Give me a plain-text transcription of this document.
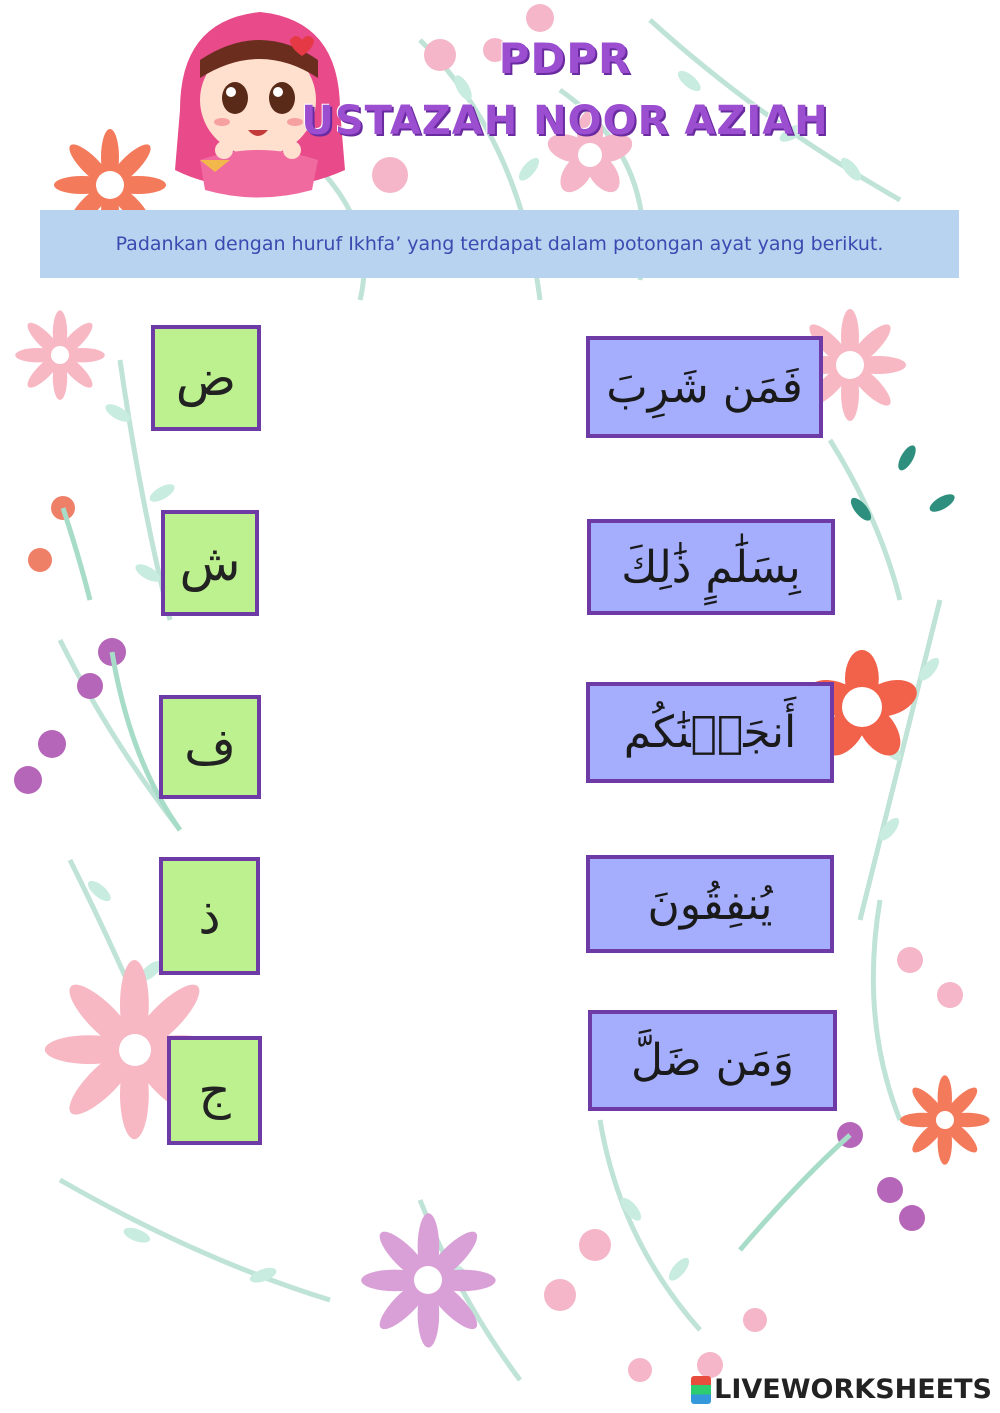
PDPR
USTAZAH NOOR AZIAH
Padankan dengan huruf Ikhfa’ yang terdapat dalam potongan ayat yang berikut.
ض
ش
ف
ذ
ج
فَمَن شَرِبَ
بِسَلَٰمٍ ذَٰلِكَ
أَنجَيۡنَٰكُم
يُنفِقُونَ
وَمَن ضَلَّ
LIVEWORKSHEETS
